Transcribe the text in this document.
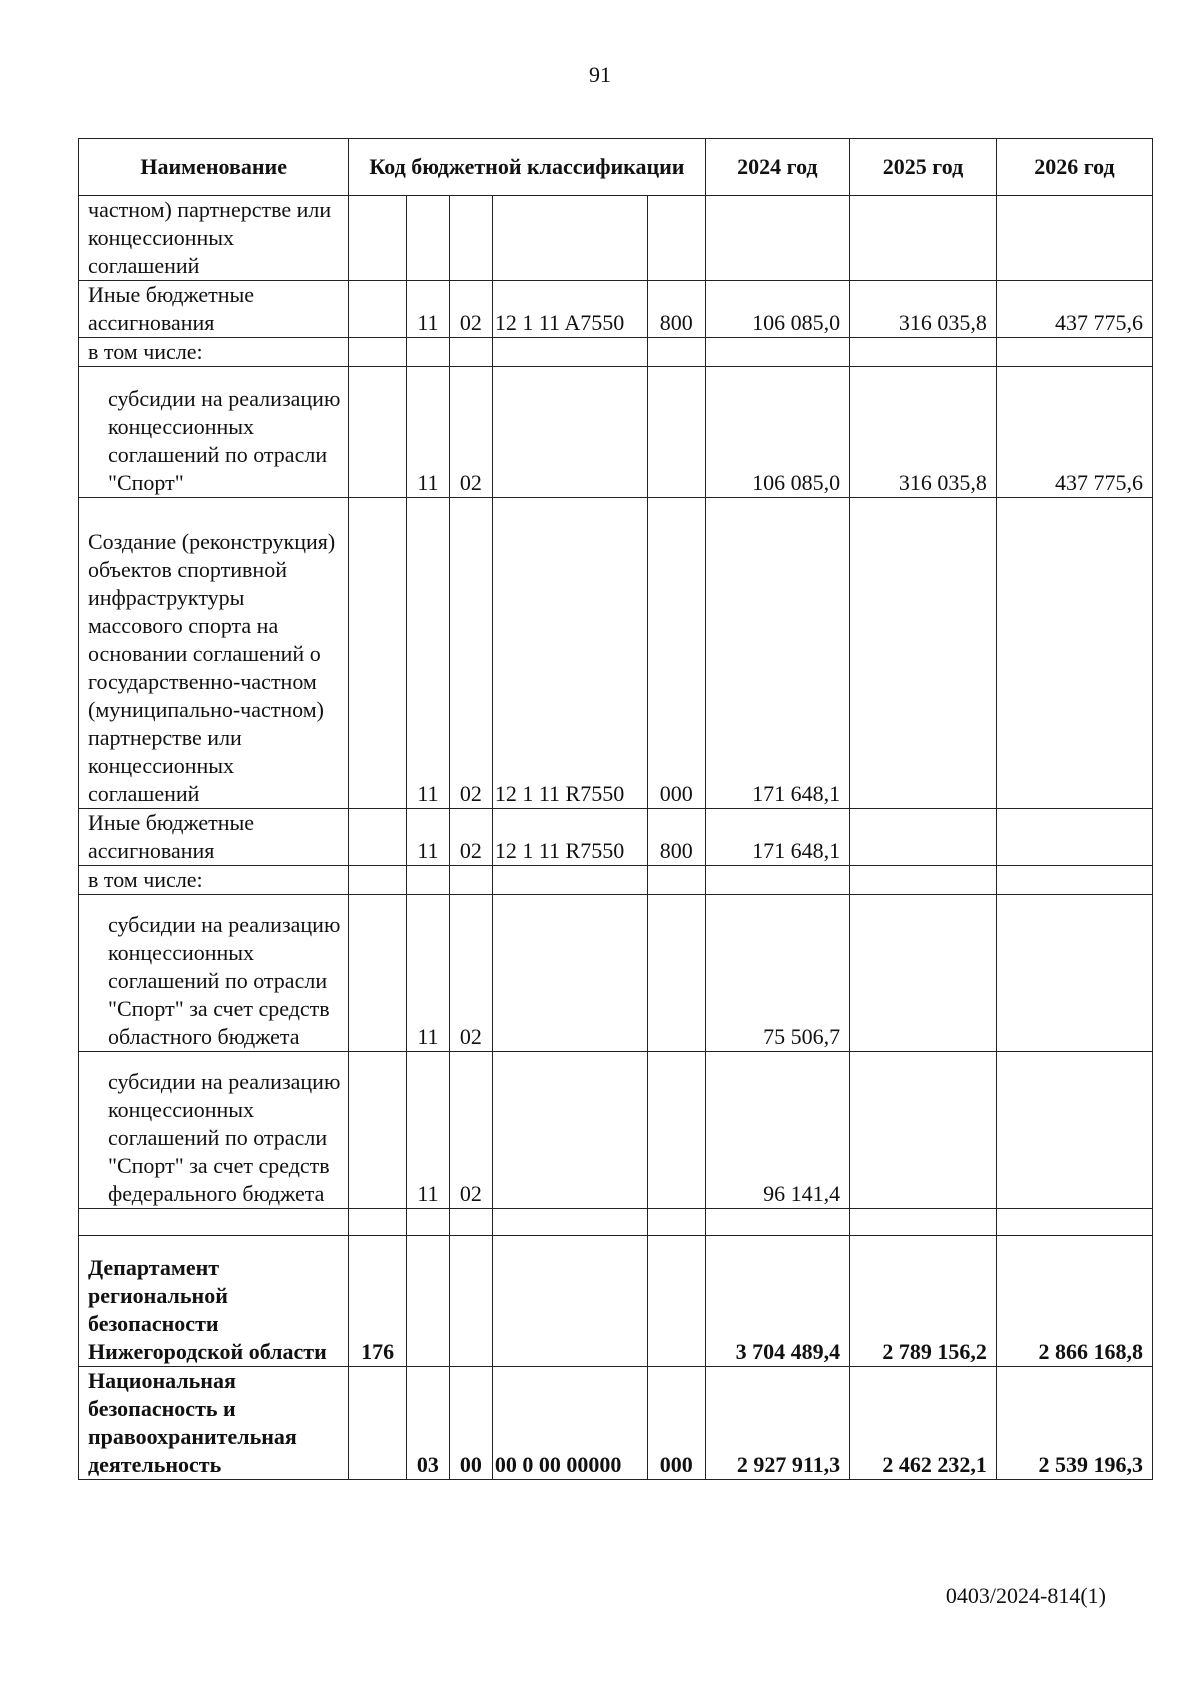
91
Наименование	Код бюджетной классификации					2024 год	2025 год	2026 год
частном) партнерстве или концессионных соглашений								
Иные бюджетные ассигнования		11	02	12 1 11 A7550	800	106 085,0	316 035,8	437 775,6
в том числе:								
субсидии на реализацию концессионных соглашений по отрасли "Спорт"		11	02			106 085,0	316 035,8	437 775,6
Создание (реконструкция) объектов спортивной инфраструктуры массового спорта на основании соглашений о государственно-частном (муниципально-частном) партнерстве или концессионных соглашений		11	02	12 1 11 R7550	000	171 648,1		
Иные бюджетные ассигнования		11	02	12 1 11 R7550	800	171 648,1		
в том числе:								
субсидии на реализацию концессионных соглашений по отрасли "Спорт" за счет средств областного бюджета		11	02			75 506,7		
субсидии на реализацию концессионных соглашений по отрасли "Спорт" за счет средств федерального бюджета		11	02			96 141,4		

Департамент региональной безопасности Нижегородской области	176					3 704 489,4	2 789 156,2	2 866 168,8
Национальная безопасность и правоохранительная деятельность		03	00	00 0 00 00000	000	2 927 911,3	2 462 232,1	2 539 196,3
0403/2024-814(1)
